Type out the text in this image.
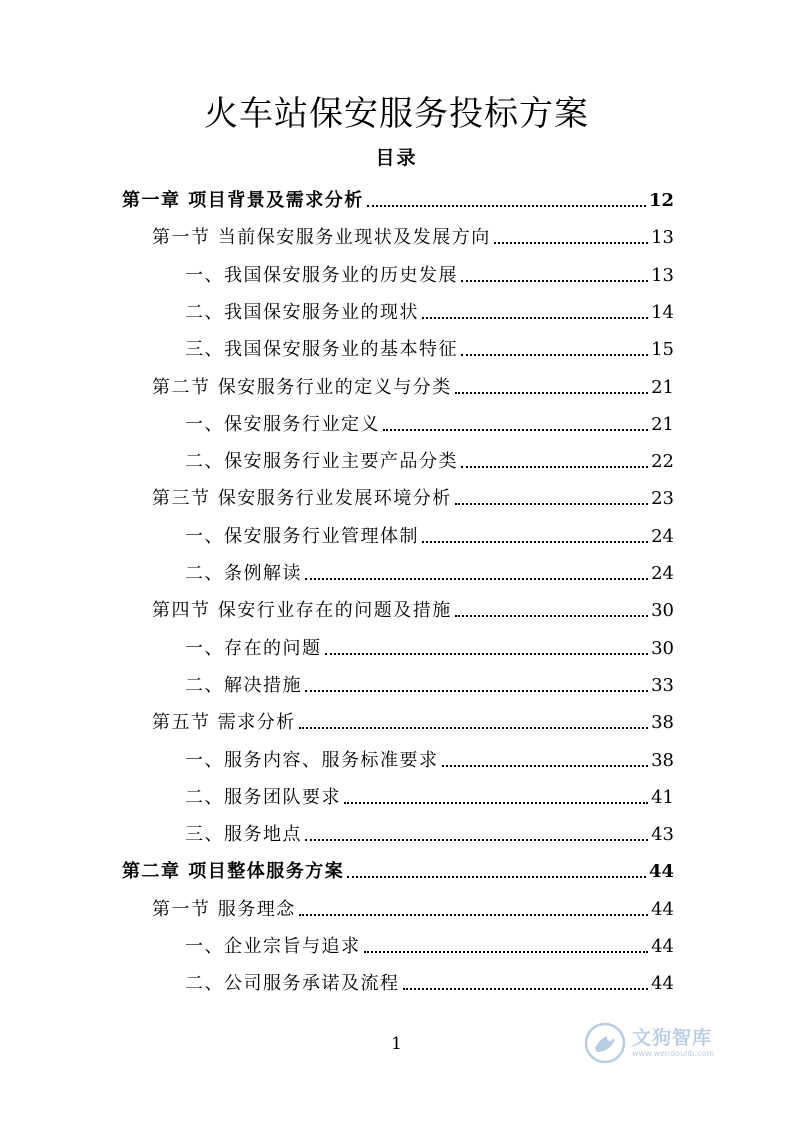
火车站保安服务投标方案
目录
第一章 项目背景及需求分析	12
第一节 当前保安服务业现状及发展方向	13
一、我国保安服务业的历史发展	13
二、我国保安服务业的现状	14
三、我国保安服务业的基本特征	15
第二节 保安服务行业的定义与分类	21
一、保安服务行业定义	21
二、保安服务行业主要产品分类	22
第三节 保安服务行业发展环境分析	23
一、保安服务行业管理体制	24
二、条例解读	24
第四节 保安行业存在的问题及措施	30
一、存在的问题	30
二、解决措施	33
第五节 需求分析	38
一、服务内容、服务标准要求	38
二、服务团队要求	41
三、服务地点	43
第二章 项目整体服务方案	44
第一节 服务理念	44
一、企业宗旨与追求	44
二、公司服务承诺及流程	44
1	文狗智库
www.wendoulib.com
